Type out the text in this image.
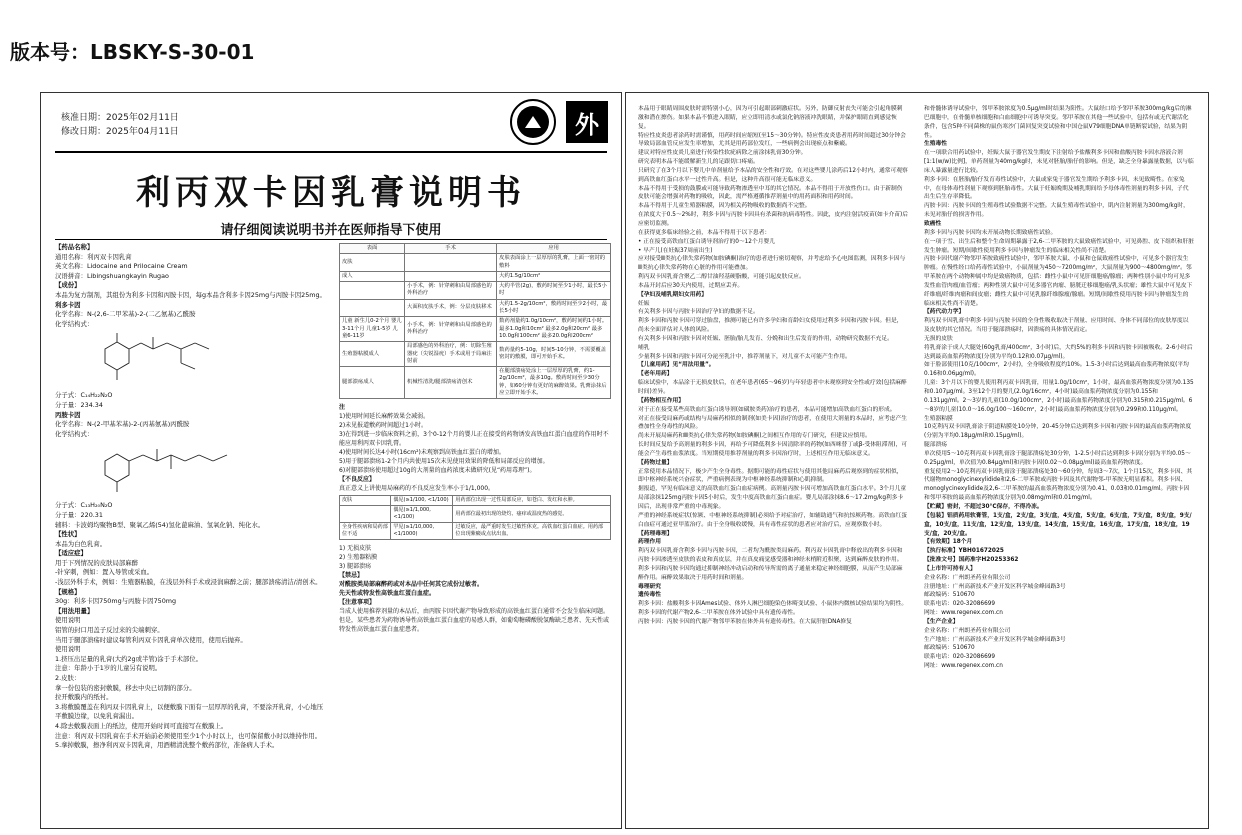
版本号：LBSKY-S-30-01
核准日期：2025年02月11日
修改日期：2025年04月11日	外
利丙双卡因乳膏说明书
请仔细阅读说明书并在医师指导下使用

【药品名称】

通用名称：利丙双卡因乳膏

英文名称：Lidocaine and Prilocaine Cream

汉语拼音：Libingshuangkayin Rugao

【成份】

本品为复方制剂，其组份为利多卡因和丙胺卡因，每g本品含利多卡因25mg与丙胺卡因25mg。

利多卡因

化学名称：N-(2,6-二甲苯基)-2-(二乙氨基)乙酰胺

化学结构式：

分子式：C₁₄H₂₂N₂O

分子量：234.34

丙胺卡因

化学名称：N-(2-甲基苯基)-2-(丙基氨基)丙酰胺

化学结构式：

分子式：C₁₃H₂₀N₂O

分子量：220.31

辅料：卡波姆均聚物B型、聚氧乙烯(54)氢化蓖麻油、氢氧化钠、纯化水。

【性状】

本品为白色乳膏。

【适应症】

用于下列情况的皮肤局部麻醉

-针穿刺，例如：置入导管或采血。

-浅层外科手术，例如：生殖器粘膜，在浅层外科手术或浸润麻醉之前；腿部溃疡清洁/清创术。

【规格】

30g：利多卡因750mg与丙胺卡因750mg

【用法用量】

使用说明

铝管的封口用盖子反过来的尖端刺穿。

当用于腿部溃疡时建议每管利丙双卡因乳膏单次使用，使用后抛弃。

使用说明

1.挤压出足量的乳膏(大约2g或半管)涂于手术部位。

注意：年龄小于1岁的儿童另有说明。

2.皮肤：

拿一份包装的密封敷膜，移去中央已切割的部分。

拉开敷膜内的纸衬。

3.将敷膜覆盖在利丙双卡因乳膏上，以便敷膜下面有一层厚厚的乳膏，不要涂开乳膏，小心地压平敷膜边缘，以免乳膏漏出。

4.除去敷膜表面上的纸边，使用开始时间可直接写在敷膜上。

注意：利丙双卡因乳膏在手术开始前必须使用至少1个小时以上，也可保留敷小时以维持作用。

5.拿掉敷膜，擦净利丙双卡因乳膏，用酒精清洗整个敷药部位，准备病人手术。

表面	手术	应用
皮肤		皮肤表面涂上一层厚厚的乳膏，上面一密封的敷料
成人		大约1.5g/10cm²
	小手术，例：针穿刺和由局部感色的外科治疗	大约半管(2g)，敷药时间至少1小时，最长5小时
	大面积皮肤手术，例：分层皮肤移术	大约1.5-2g/10cm²，敷药时间至少2小时，最长5小时
儿童 新生儿0-2个月 婴儿3-11个月 儿童1-5岁 儿童6-11岁	小手术，例：针穿刺和由局部感色的外科治疗	数药剂量约1.0g/10cm²，敷药时间约1小时。最多1.0g和10cm² 最多2.0g和20cm² 最多10.0g和100cm² 最多20.0g和200cm²
生殖器粘膜成人	局部感色的外科治疗，例：切除生殖器疣（尖锐湿疣）手术或用于局麻注射前	数药量约5-10g，时间5-10分钟，不需要覆盖密封的敷膜，即可开始手术。
腿部溃疡成人	机械性清洗/腿部溃疡清创术	在腿部溃疡处涂上一层厚厚的乳膏，约1-2g/10cm²，最多10g。敷药时间至少30分钟，如60分钟有更好的麻醉效果。乳膏涂抹后应立即开始手术。

注

1)使用时间延长麻醉效果会减弱。

2)未见报道敷药时间超过1小时。

3)在得到进一步临床资料之前，3个0-12个月的婴儿正在接受的药物诱发高铁血红蛋白血症的作用时不能应用利丙双卡因乳膏。

4)使用时间长达4小时(16cm²)未观察到高铁血红蛋白的增加。

5)用于腿部溃疡1-2个月内共使用15次未见使用效果的降低和局部反应的增加。

6)对腿部溃疡使用超过10g的大剂量的血药浓度未做研究(见“药用毒理”)。

【不良反应】

真正意义上讲使用局麻药的不良反应发生率小于1/1,000。

皮肤	偶见(≥1/100, <1/100)	用药部位出现一过性局部反应，如苍白、发红和水肿。
	偶见(≥1/1,000, <1/100)	用药部位最初出现的烧灼、瘙痒或温度热的感觉。
全身性疾病和局药部位不适	罕见(≥1/10,000, <1/1000)	过敏反应，最严重时发生过敏性休克。高铁血红蛋白血症。用药部位出现紫癜或点状出血。

1) 无损皮肤

2) 生殖器粘膜

3) 腿部溃疡

【禁忌】

对酰胺类局部麻醉药或对本品中任何其它成份过敏者。

先天性或特发性高铁血红蛋白血症。

【注意事项】

当成人使用推荐剂量的本品后，由丙胺卡因代谢产物导致形成的高铁血红蛋白通常不会发生临床问题。但是，某些患者为药物诱导性高铁血红蛋白血症的易感人群，如葡萄糖磷酸脱氢酶缺乏患者、先天性或特发性高铁血红蛋白血症患者。

本品用于眼睛周围皮肤时需特别小心，因为可引起眼部刺激症状。另外，防御反射丧失可能会引起角膜刺激和潜在擦伤。如果本品不慎进入眼睛，应立即用清水或氯化钠溶液冲洗眼睛，并保护眼睛直到感觉恢复。

特应性皮炎患者涂药时需谨慎，用药时间应缩短(至15～30分钟)。特应性皮炎患者用药时间超过30分钟会导致局部血管反应发生率增加，尤其是用药部位发红，一些病例会出现瘀点和紫癜。

建议对特应性皮炎儿童进行传染性软疣病除之前涂抹乳膏30分钟。

研究表明本品不能缓解新生儿的足跟切口疼痛。

只研究了在3个月以下婴儿中单剂量给予本品的安全性和疗效。在对这些婴儿涂药后12小时内，通常可观察到高铁血红蛋白水平一过性升高。但是，这种升高很可能无临床意义。

本品不得用于受损的鼓膜或可能导致药物渗透至中耳的其它情况。本品不得用于开放性伤口。由于新制伤皮肤可能会增强对药物的吸收，因此，需严格遵循推荐剂量中的用药面积和用药时间。

本品不得用于儿童生殖器粘膜，因为相关药物吸收的数据尚不完整。

在浓度大于0.5～2%时，利多卡因与丙胺卡因具有杀菌和抗病毒特性。因此，皮内注射活疫苗(如卡介苗)后应密切监测。

在获得更多临床经验之前，本品不得用于以下患者：

• 正在接受高铁血红蛋白诱导剂治疗的0～12个月婴儿

• 早产儿(在妊娠37周前出生)

应对接受Ⅲ类抗心律失常药物(如胺碘酮)治疗的患者进行密切观察，并考虑给予心电图监测，因利多卡因与Ⅲ类抗心律失常药物在心脏的作用可能叠加。

利丙双卡因乳膏含聚乙二醇甘油羟基硬脂酸，可能引起皮肤反应。

本品开封后应30天内使用，过期应丢弃。

【孕妇及哺乳期妇女用药】

妊娠

有关利多卡因与丙胺卡因治疗孕妇的数据不足。

利多卡因和丙胺卡因可穿过胎盘，推测可能已有许多孕妇和育龄妇女使用过利多卡因和丙胺卡因。但是，尚未全面评估对人体的风险。

有关利多卡因和丙胺卡因对妊娠、胚胎/胎儿发育、分娩和出生后发育的作用，动物研究数据不充足。

哺乳

少量利多卡因和丙胺卡因可分泌至乳汁中，推荐剂量下，对儿童不太可能产生作用。

【儿童用药】见“用法用量”。

【老年用药】

临床试验中，本品涂于无损皮肤后，在老年患者(65～96岁)与年轻患者中未观察到安全性或疗效(包括麻醉时间)差异。

【药物相互作用】

对于正在接受某些高铁血红蛋白诱导剂(如磺胺类药)治疗的患者，本品可能增加高铁血红蛋白的形成。

对正在接受局麻药或结构与局麻药相似的制剂(如美卡因)治疗的患者，在使用大剂量的本品时，应考虑产生叠加性全身毒性的风险。

尚未开展局麻药和Ⅲ类抗心律失常药物(如胺碘酮)之间相互作用的专门研究，但建议应慎用。

长时间反复给予高剂量的利多卡因，再给予可降低利多卡因清除率的药物(如西咪替丁或β-受体阻滞剂)，可能会产生毒性血浆浓度。当短期使用推荐剂量的利多卡因治疗时，上述相互作用无临床意义。

【药物过量】

正常使用本品情况下，极少产生全身毒性。据期可能的毒性症状与使用其他局麻药后观察到的症状相似，即中枢神经系统兴奋症状，严重病例表现为中枢神经系统抑制和心肌抑制。

据报道，罕见有临床意义的高铁血红蛋白血症病例。高剂量丙胺卡因可增加高铁血红蛋白水平。3个月儿童局部涂抹125mg丙胺卡因5小时后，发生中度高铁血红蛋白血症。婴儿局部涂抹8.6～17.2mg/kg利多卡因后，出现非常严重的中毒现象。

严重的神经系统症状(惊厥、中枢神经系统抑制)必须给予对症治疗，如辅助通气和抗惊厥药物。高铁血红蛋白血症可通过亚甲蓝治疗。由于全身吸收缓慢，具有毒性症状的患者应对治疗后，应观察数小时。

【药理毒理】

药理作用

利丙双卡因乳膏含利多卡因与丙胺卡因，二者均为酰胺类局麻药。利丙双卡因乳膏中释放出的利多卡因和丙胺卡因渗透至皮肤的表皮和真皮层，并在真皮痛觉感受器和神经末梢附近积聚，达到麻醉皮肤的作用。利多卡因和丙胺卡因均通过抑制神经冲动启动和传导所需的离子通量来稳定神经细胞膜，从而产生局部麻醉作用。麻醉效果取决于用药时间和剂量。

毒理研究

遗传毒性

利多卡因：盐酸利多卡因Ames试验、体外人淋巴细胞染色体畸变试验、小鼠体内微核试验结果均为阴性。利多卡因的代谢产物2,6-二甲苯胺在体外试验中具有遗传毒性。

丙胺卡因：丙胺卡因的代谢产物邻甲苯胺在体外具有遗传毒性。在大鼠肝脏DNA修复

和骨髓体诱导试验中，邻甲苯胺浓度为0.5μg/ml时结果为阳性。大鼠经口给予邻甲苯胺300mg/kg后的淋巴细胞中，在骨髓单核细胞和白血细胞中可诱导突变。邻甲苯胺在其他一些试验中，包括有或无代谢活化条件，包含5种不同菌株的鼠伤寒沙门菌回复突变试验和中国仓鼠V79细胞DNA单链断裂试验，结果为阴性。

生殖毒性

在一项联合用药试验中，妊娠大鼠于器官发生期皮下注射给予盐酸利多卡因和盐酸丙胺卡因水溶液合剂[1:1(w/w)比例]，单药剂量为40mg/kg时，未见对胚胎/胎仔的影响。但是，缺乏全身暴露量数据，以与临床人暴露量进行比较。

利多卡因：在胚胎/胎仔发育毒性试验中，大鼠或家兔于器官发生期给予利多卡因，未见致畸性。在家兔中，在母体毒性剂量下观察到胚胎毒性。大鼠于妊娠晚期及哺乳期间给予母体毒性剂量的利多卡因，子代出生后生存率降低。

丙胺卡因：丙胺卡因的生殖毒性试验数据不完整。大鼠生殖毒性试验中，肌内注射剂量为300mg/kg时，未见对胎仔的损害作用。

致癌性

利多卡因与丙胺卡因均未开展动物长期致癌性试验。

在一项于雪、出生后和整个生命周期暴露于2,6-二甲苯胺的大鼠致癌性试验中，可见鼻腔、皮下组织和肝脏发生肿瘤。短期/间歇性使用利多卡因与肿瘤发生的临床相关性尚不清楚。

丙胺卡因代谢产物邻甲苯胺致癌性试验中，邻甲苯胺大鼠、小鼠和仓鼠致癌性试验中，可见多个器官发生肿瘤。在慢性经口给药毒性试验中，小鼠剂量为450～7200mg/m²，大鼠剂量为900～4800mg/m²。邻甲苯胺在两个动物种属中均是致癌物质，包括：雌性小鼠中可见肝细胞癌/腺瘤；两种性别小鼠中均可见多发性血管肉瘤/血管瘤；两种性别大鼠中可见多器官肉瘤、膀胱迁移细胞癌/乳头状瘤；雄性大鼠中可见皮下纤维瘤/纤维肉瘤和间皮瘤；雌性大鼠中可见乳腺纤维腺瘤/腺瘤。短期/间歇性使用丙胺卡因与肿瘤发生的临床相关性尚不清楚。

【药代动力学】

利丙双卡因乳膏中利多卡因与丙胺卡因的全身性吸收取决于剂量、应用时间、身体不同部位的皮肤厚度以及皮肤的其它情况。当用于腿部溃疡时，因溃疡的具体情况而定。

无损的皮肤

将乳膏涂于成人大腿处(60g乳膏/400cm²，3小时)后，大约5%的利多卡因和丙胺卡因被吸收。2-6小时后达到最高血浆药物浓度(分别为平均0.12和0.07μg/ml)。

如于脸部使用(10克/100cm²，2小时)，全身吸收程度约10%。1.5-3小时后达到最高血浆药物浓度(平均0.16和0.06μg/ml)。

儿童：3个月以下的婴儿使用利丙双卡因乳膏，用量1.0g/10cm²，1小时，最高血浆药物浓度分别为0.135和0.107μg/ml。3至12个月的婴儿(2.0g/16cm²，4小时)最高血浆药物浓度分别为0.155和0.131μg/ml。2～3岁的儿童(10.0g/100cm²，2小时)最高血浆药物浓度分别为0.315和0.215μg/ml。6～8岁的儿童(10.0～16.0g/100～160cm²，2小时)最高血浆药物浓度分别为0.299和0.110μg/ml。

生殖器粘膜

10克利丙双卡因乳膏涂于阴道粘膜处10分钟，20-45分钟后达到利多卡因和丙胺卡因的最高血浆药物浓度(分别为平均0.18μg/ml和0.15μg/ml)。

腿部溃疡

单次使用5～10克利丙双卡因乳膏涂于腿部溃疡处30分钟，1-2.5小时后达到利多卡因(分别为平均0.05～0.25μg/ml，单次值为0.84μg/ml)和丙胺卡因(0.02～0.08μg/ml)最高血浆药物浓度。

重复使用2～10克利丙双卡因乳膏涂于腿部溃疡处30～60分钟，每周3～7次，1个月15次，利多卡因、其代谢物monoglycinexylidide和2,6-二甲苯胺或丙胺卡因及其代谢物邻-甲苯胺无明显蓄积。利多卡因、monoglycinexylidide及2,6-二甲苯胺的最高血浆药物浓度分别为0.41、0.03和0.01mg/ml。丙胺卡因和邻甲苯胺的最高血浆药物浓度分别为0.08mg/ml和0.01mg/ml。

【贮藏】密封，不超过30°C保存，不得冷冻。

【包装】铝质药用软膏管，1支/盒，2支/盒，3支/盒，4支/盒，5支/盒，6支/盒，7支/盒，8支/盒，9支/盒，10支/盒，11支/盒，12支/盒，13支/盒，14支/盒，15支/盒，16支/盒，17支/盒，18支/盒，19支/盒，20支/盒。

【有效期】18个月

【执行标准】YBH01672025

【批准文号】国药准字H20253362

【上市许可持有人】

企业名称：广州朗圣药业有限公司

注册地址：广州高新技术产业开发区科学城金峰园路3号

邮政编码：510670

联系电话：020-32086699

网址：www.regenex.com.cn

【生产企业】

企业名称：广州朗圣药业有限公司

生产地址：广州高新技术产业开发区科学城金峰园路3号

邮政编码：510670

联系电话：020-32086699

网址：www.regenex.com.cn
